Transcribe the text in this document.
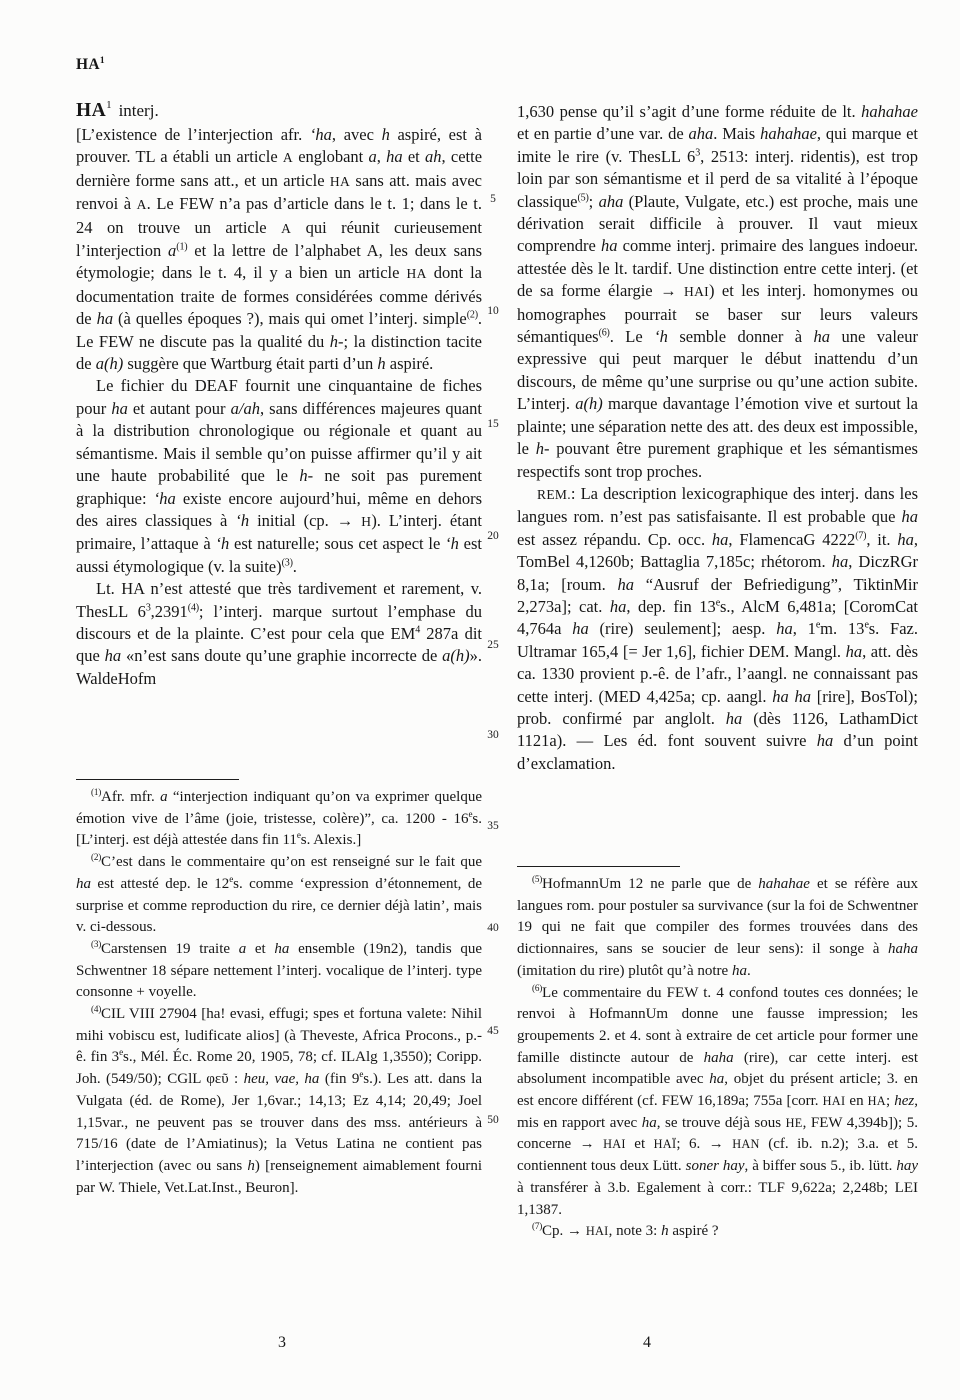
$HA^1$
$HA^1$ interj.

[L’existence de l’interjection afr. ‘ha, avec h aspiré, est à prouver. TL a établi un article A englobant a, ha et ah, cette dernière forme sans att., et un article HA sans att. mais avec renvoi à A. Le FEW n’a pas d’article dans le t. 1; dans le t. 24 on trouve un article A qui réunit curieusement l’interjection $a^{(1)}$ et la lettre de l’alphabet A, les deux sans étymologie; dans le t. 4, il y a bien un article HA dont la documentation traite de formes considérées comme dérivés de ha (à quelles époques ?), mais qui omet l’interj. simple$^{(2)}$. Le FEW ne discute pas la qualité du h-; la distinction tacite de a(h) suggère que Wartburg était parti d’un h aspiré.

Le fichier du DEAF fournit une cinquantaine de fiches pour ha et autant pour a/ah, sans différences majeures quant à la distribution chronologique ou régionale et quant au sémantisme. Mais il semble qu’on puisse affirmer qu’il y ait une haute probabilité que le h- ne soit pas purement graphique: ‘ha existe encore aujourd’hui, même en dehors des aires classiques à ‘h initial (cp. → H). L’interj. étant primaire, l’attaque à ‘h est naturelle; sous cet aspect le ‘h est aussi étymologique (v. la suite)$^{(3)}$.

Lt. HA n’est attesté que très tardivement et rarement, v. ThesLL $6^3,2391^{(4)}$; l’interj. marque surtout l’emphase du discours et de la plainte. C’est pour cela que $EM^4$ 287a dit que ha «n’est sans doute qu’une graphie incorrecte de a(h)». WaldeHofm

$^{(1)}$Afr. mfr. a “interjection indiquant qu’on va exprimer quelque émotion vive de l’âme (joie, tristesse, colère)”, ca. 1200 - 16es. [L’interj. est déjà attestée dans fin 11es. Alexis.]

$^{(2)}$C’est dans le commentaire qu’on est renseigné sur le fait que ha est attesté dep. le 12es. comme ‘expression d’étonnement, de surprise et comme reproduction du rire, ce dernier déjà latin’, mais v. ci-dessous.

$^{(3)}$Carstensen 19 traite a et ha ensemble (19n2), tandis que Schwentner 18 sépare nettement l’interj. vocalique de l’interj. type consonne + voyelle.

$^{(4)}$CIL VIII 27904 [ha! evasi, effugi; spes et fortuna valete: Nihil mihi vobiscu est, ludificate alios] (à Theveste, Africa Procons., p.-ê. fin 3es., Mél. Éc. Rome 20, 1905, 78; cf. ILAlg 1,3550); Coripp. Joh. (549/50); CGlL φεῦ : heu, vae, ha (fin 9es.). Les att. dans la Vulgata (éd. de Rome), Jer 1,6var.; 14,13; Ez 4,14; 20,49; Joel 1,15var., ne peuvent pas se trouver dans des mss. antérieurs à 715/16 (date de l’Amiatinus); la Vetus Latina ne contient pas l’interjection (avec ou sans h) [renseignement aimablement fourni par W. Thiele, Vet.Lat.Inst., Beuron].

1,630 pense qu’il s’agit d’une forme réduite de lt. hahahae et en partie d’une var. de aha. Mais hahahae, qui marque et imite le rire (v. ThesLL $6^3$, 2513: interj. ridentis), est trop loin par son sémantisme et il perd de sa vitalité à l’époque classique$^{(5)}$; aha (Plaute, Vulgate, etc.) est proche, mais une dérivation serait difficile à prouver. Il vaut mieux comprendre ha comme interj. primaire des langues indoeur. attestée dès le lt. tardif. Une distinction entre cette interj. (et de sa forme élargie → HAI) et les interj. homonymes ou homographes pourrait se baser sur leurs valeurs sémantiques$^{(6)}$. Le ‘h semble donner à ha une valeur expressive qui peut marquer le début inattendu d’un discours, de même qu’une surprise ou qu’une action subite. L’interj. a(h) marque davantage l’émotion vive et surtout la plainte; une séparation nette des att. des deux est impossible, le h- pouvant être purement graphique et les sémantismes respectifs sont trop proches.

REM.: La description lexicographique des interj. dans les langues rom. n’est pas satisfaisante. Il est probable que ha est assez répandu. Cp. occ. ha, FlamencaG 4222$^{(7)}$, it. ha, TomBel 4,1260b; Battaglia 7,185c; rhétorom. ha, DiczRGr 8,1a; [roum. ha “Ausruf der Befriedigung”, TiktinMir 2,273a]; cat. ha, dep. fin 13es., AlcM 6,481a; [CoromCat 4,764a ha (rire) seulement]; aesp. ha, 1em. 13es. Faz. Ultramar 165,4 [= Jer 1,6], fichier DEM. Mangl. ha, att. dès ca. 1330 provient p.-ê. de l’afr., l’aangl. ne connaissant pas cette interj. (MED 4,425a; cp. aangl. ha ha [rire], BosTol); prob. confirmé par anglolt. ha (dès 1126, LathamDict 1121a). — Les éd. font souvent suivre ha d’un point d’exclamation.

$^{(5)}$HofmannUm 12 ne parle que de hahahae et se réfère aux langues rom. pour postuler sa survivance (sur la foi de Schwentner 19 qui ne fait que compiler des formes trouvées dans des dictionnaires, sans se soucier de leur sens): il songe à haha (imitation du rire) plutôt qu’à notre ha.

$^{(6)}$Le commentaire du FEW t. 4 confond toutes ces données; le renvoi à HofmannUm donne une fausse impression; les groupements 2. et 4. sont à extraire de cet article pour former une famille distincte autour de haha (rire), car cette interj. est absolument incompatible avec ha, objet du présent article; 3. en est encore différent (cf. FEW 16,189a; 755a [corr. HAI en HA; hez, mis en rapport avec ha, se trouve déjà sous HE, FEW 4,394b]); 5. concerne → HAI et HAÏ; 6. → HAN (cf. ib. n.2); 3.a. et 5. contiennent tous deux Lütt. soner hay, à biffer sous 5., ib. lütt. hay à transférer à 3.b. Egalement à corr.: TLF 9,622a; 2,248b; LEI 1,1387.

$^{(7)}$Cp. → HAI, note 3: h aspiré ?

5
10
15
20
25
30
35
40
45
50
3	4
